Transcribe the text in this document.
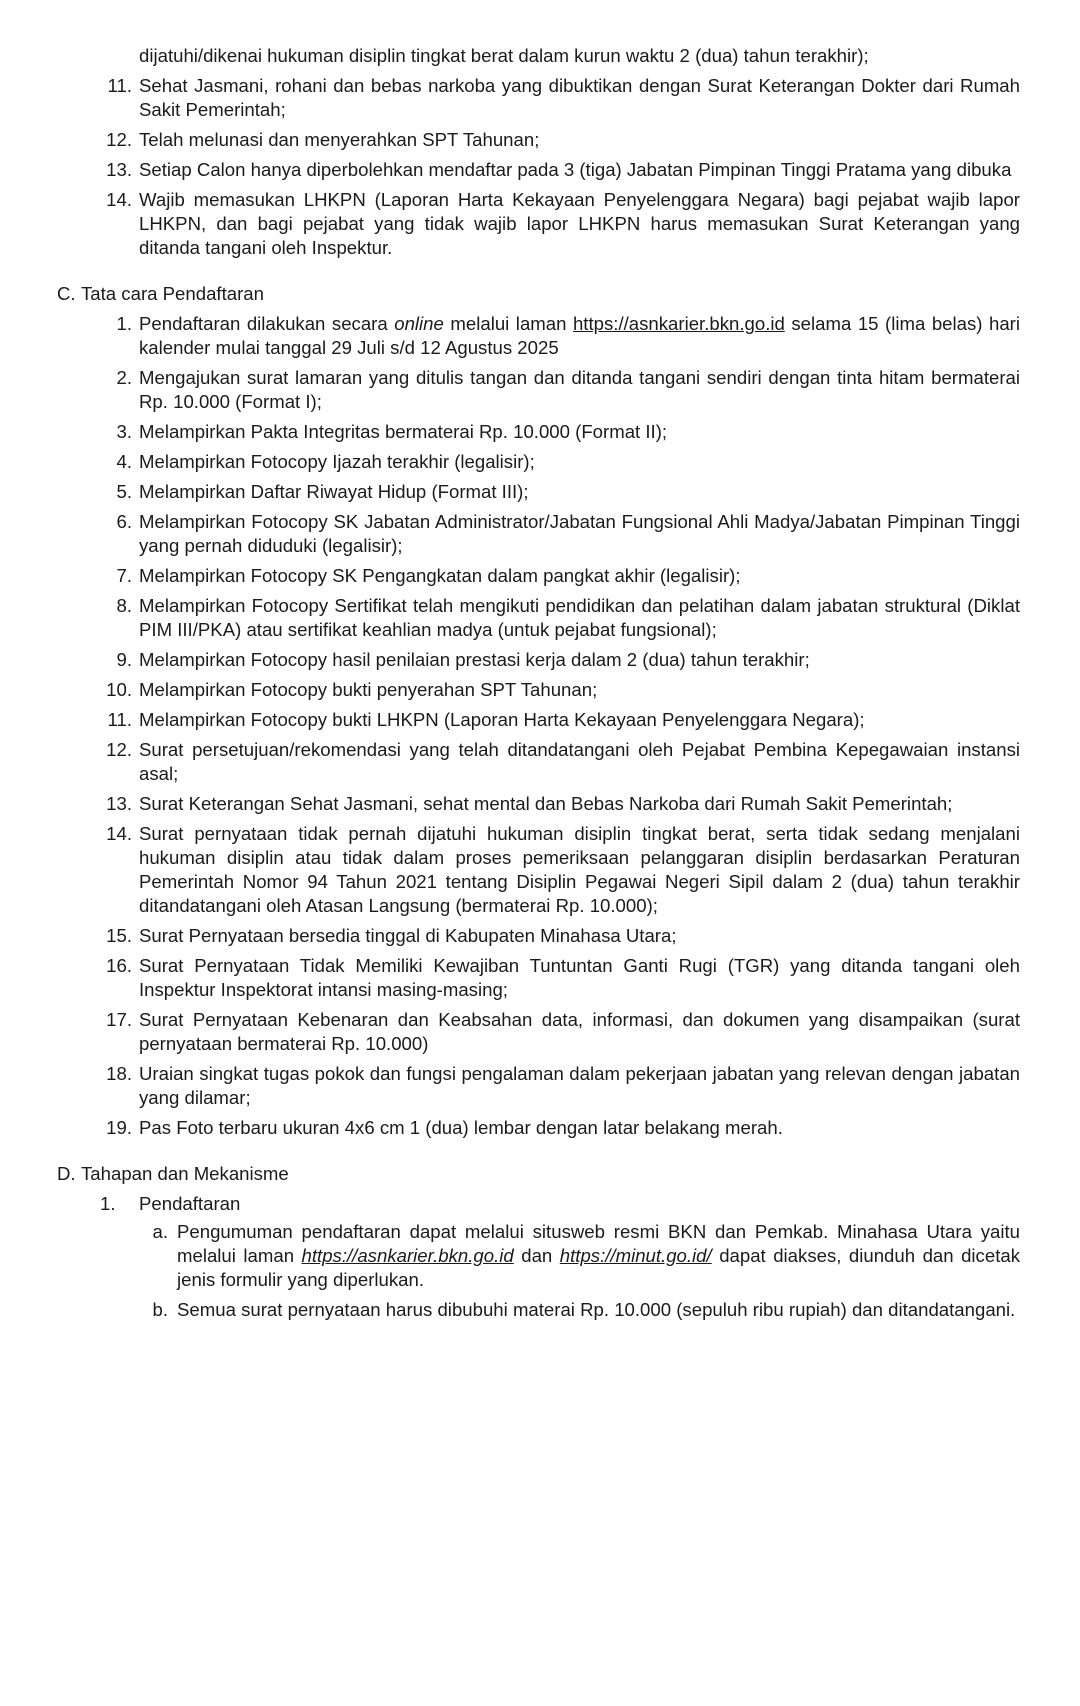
dijatuhi/dikenai hukuman disiplin tingkat berat dalam kurun waktu 2 (dua) tahun terakhir);
11. Sehat Jasmani, rohani dan bebas narkoba yang dibuktikan dengan Surat Keterangan Dokter dari Rumah Sakit Pemerintah;
12. Telah melunasi dan menyerahkan SPT Tahunan;
13. Setiap Calon hanya diperbolehkan mendaftar pada 3 (tiga) Jabatan Pimpinan Tinggi Pratama yang dibuka
14. Wajib memasukan LHKPN (Laporan Harta Kekayaan Penyelenggara Negara) bagi pejabat wajib lapor LHKPN, dan bagi pejabat yang tidak wajib lapor LHKPN harus memasukan Surat Keterangan yang ditanda tangani oleh Inspektur.
C. Tata cara Pendaftaran
1. Pendaftaran dilakukan secara online melalui laman https://asnkarier.bkn.go.id selama 15 (lima belas) hari kalender mulai tanggal 29 Juli s/d 12 Agustus 2025
2. Mengajukan surat lamaran yang ditulis tangan dan ditanda tangani sendiri dengan tinta hitam bermaterai Rp. 10.000 (Format I);
3. Melampirkan Pakta Integritas bermaterai Rp. 10.000 (Format II);
4. Melampirkan Fotocopy Ijazah terakhir (legalisir);
5. Melampirkan Daftar Riwayat Hidup (Format III);
6. Melampirkan Fotocopy SK Jabatan Administrator/Jabatan Fungsional Ahli Madya/Jabatan Pimpinan Tinggi yang pernah diduduki (legalisir);
7. Melampirkan Fotocopy SK Pengangkatan dalam pangkat akhir (legalisir);
8. Melampirkan Fotocopy Sertifikat telah mengikuti pendidikan dan pelatihan dalam jabatan struktural (Diklat PIM III/PKA) atau sertifikat keahlian madya (untuk pejabat fungsional);
9. Melampirkan Fotocopy hasil penilaian prestasi kerja dalam 2 (dua) tahun terakhir;
10. Melampirkan Fotocopy bukti penyerahan SPT Tahunan;
11. Melampirkan Fotocopy bukti LHKPN (Laporan Harta Kekayaan Penyelenggara Negara);
12. Surat persetujuan/rekomendasi yang telah ditandatangani oleh Pejabat Pembina Kepegawaian instansi asal;
13. Surat Keterangan Sehat Jasmani, sehat mental dan Bebas Narkoba dari Rumah Sakit Pemerintah;
14. Surat pernyataan tidak pernah dijatuhi hukuman disiplin tingkat berat, serta tidak sedang menjalani hukuman disiplin atau tidak dalam proses pemeriksaan pelanggaran disiplin berdasarkan Peraturan Pemerintah Nomor 94 Tahun 2021 tentang Disiplin Pegawai Negeri Sipil dalam 2 (dua) tahun terakhir ditandatangani oleh Atasan Langsung (bermaterai Rp. 10.000);
15. Surat Pernyataan bersedia tinggal di Kabupaten Minahasa Utara;
16. Surat Pernyataan Tidak Memiliki Kewajiban Tuntuntan Ganti Rugi (TGR) yang ditanda tangani oleh Inspektur Inspektorat intansi masing-masing;
17. Surat Pernyataan Kebenaran dan Keabsahan data, informasi, dan dokumen yang disampaikan (surat pernyataan bermaterai Rp. 10.000)
18. Uraian singkat tugas pokok dan fungsi pengalaman dalam pekerjaan jabatan yang relevan dengan jabatan yang dilamar;
19. Pas Foto terbaru ukuran 4x6 cm 1 (dua) lembar dengan latar belakang merah.
D. Tahapan dan Mekanisme
1. Pendaftaran
a. Pengumuman pendaftaran dapat melalui situsweb resmi BKN dan Pemkab. Minahasa Utara yaitu melalui laman https://asnkarier.bkn.go.id dan https://minut.go.id/ dapat diakses, diunduh dan dicetak jenis formulir yang diperlukan.
b. Semua surat pernyataan harus dibubuhi materai Rp. 10.000 (sepuluh ribu rupiah) dan ditandatangani.
